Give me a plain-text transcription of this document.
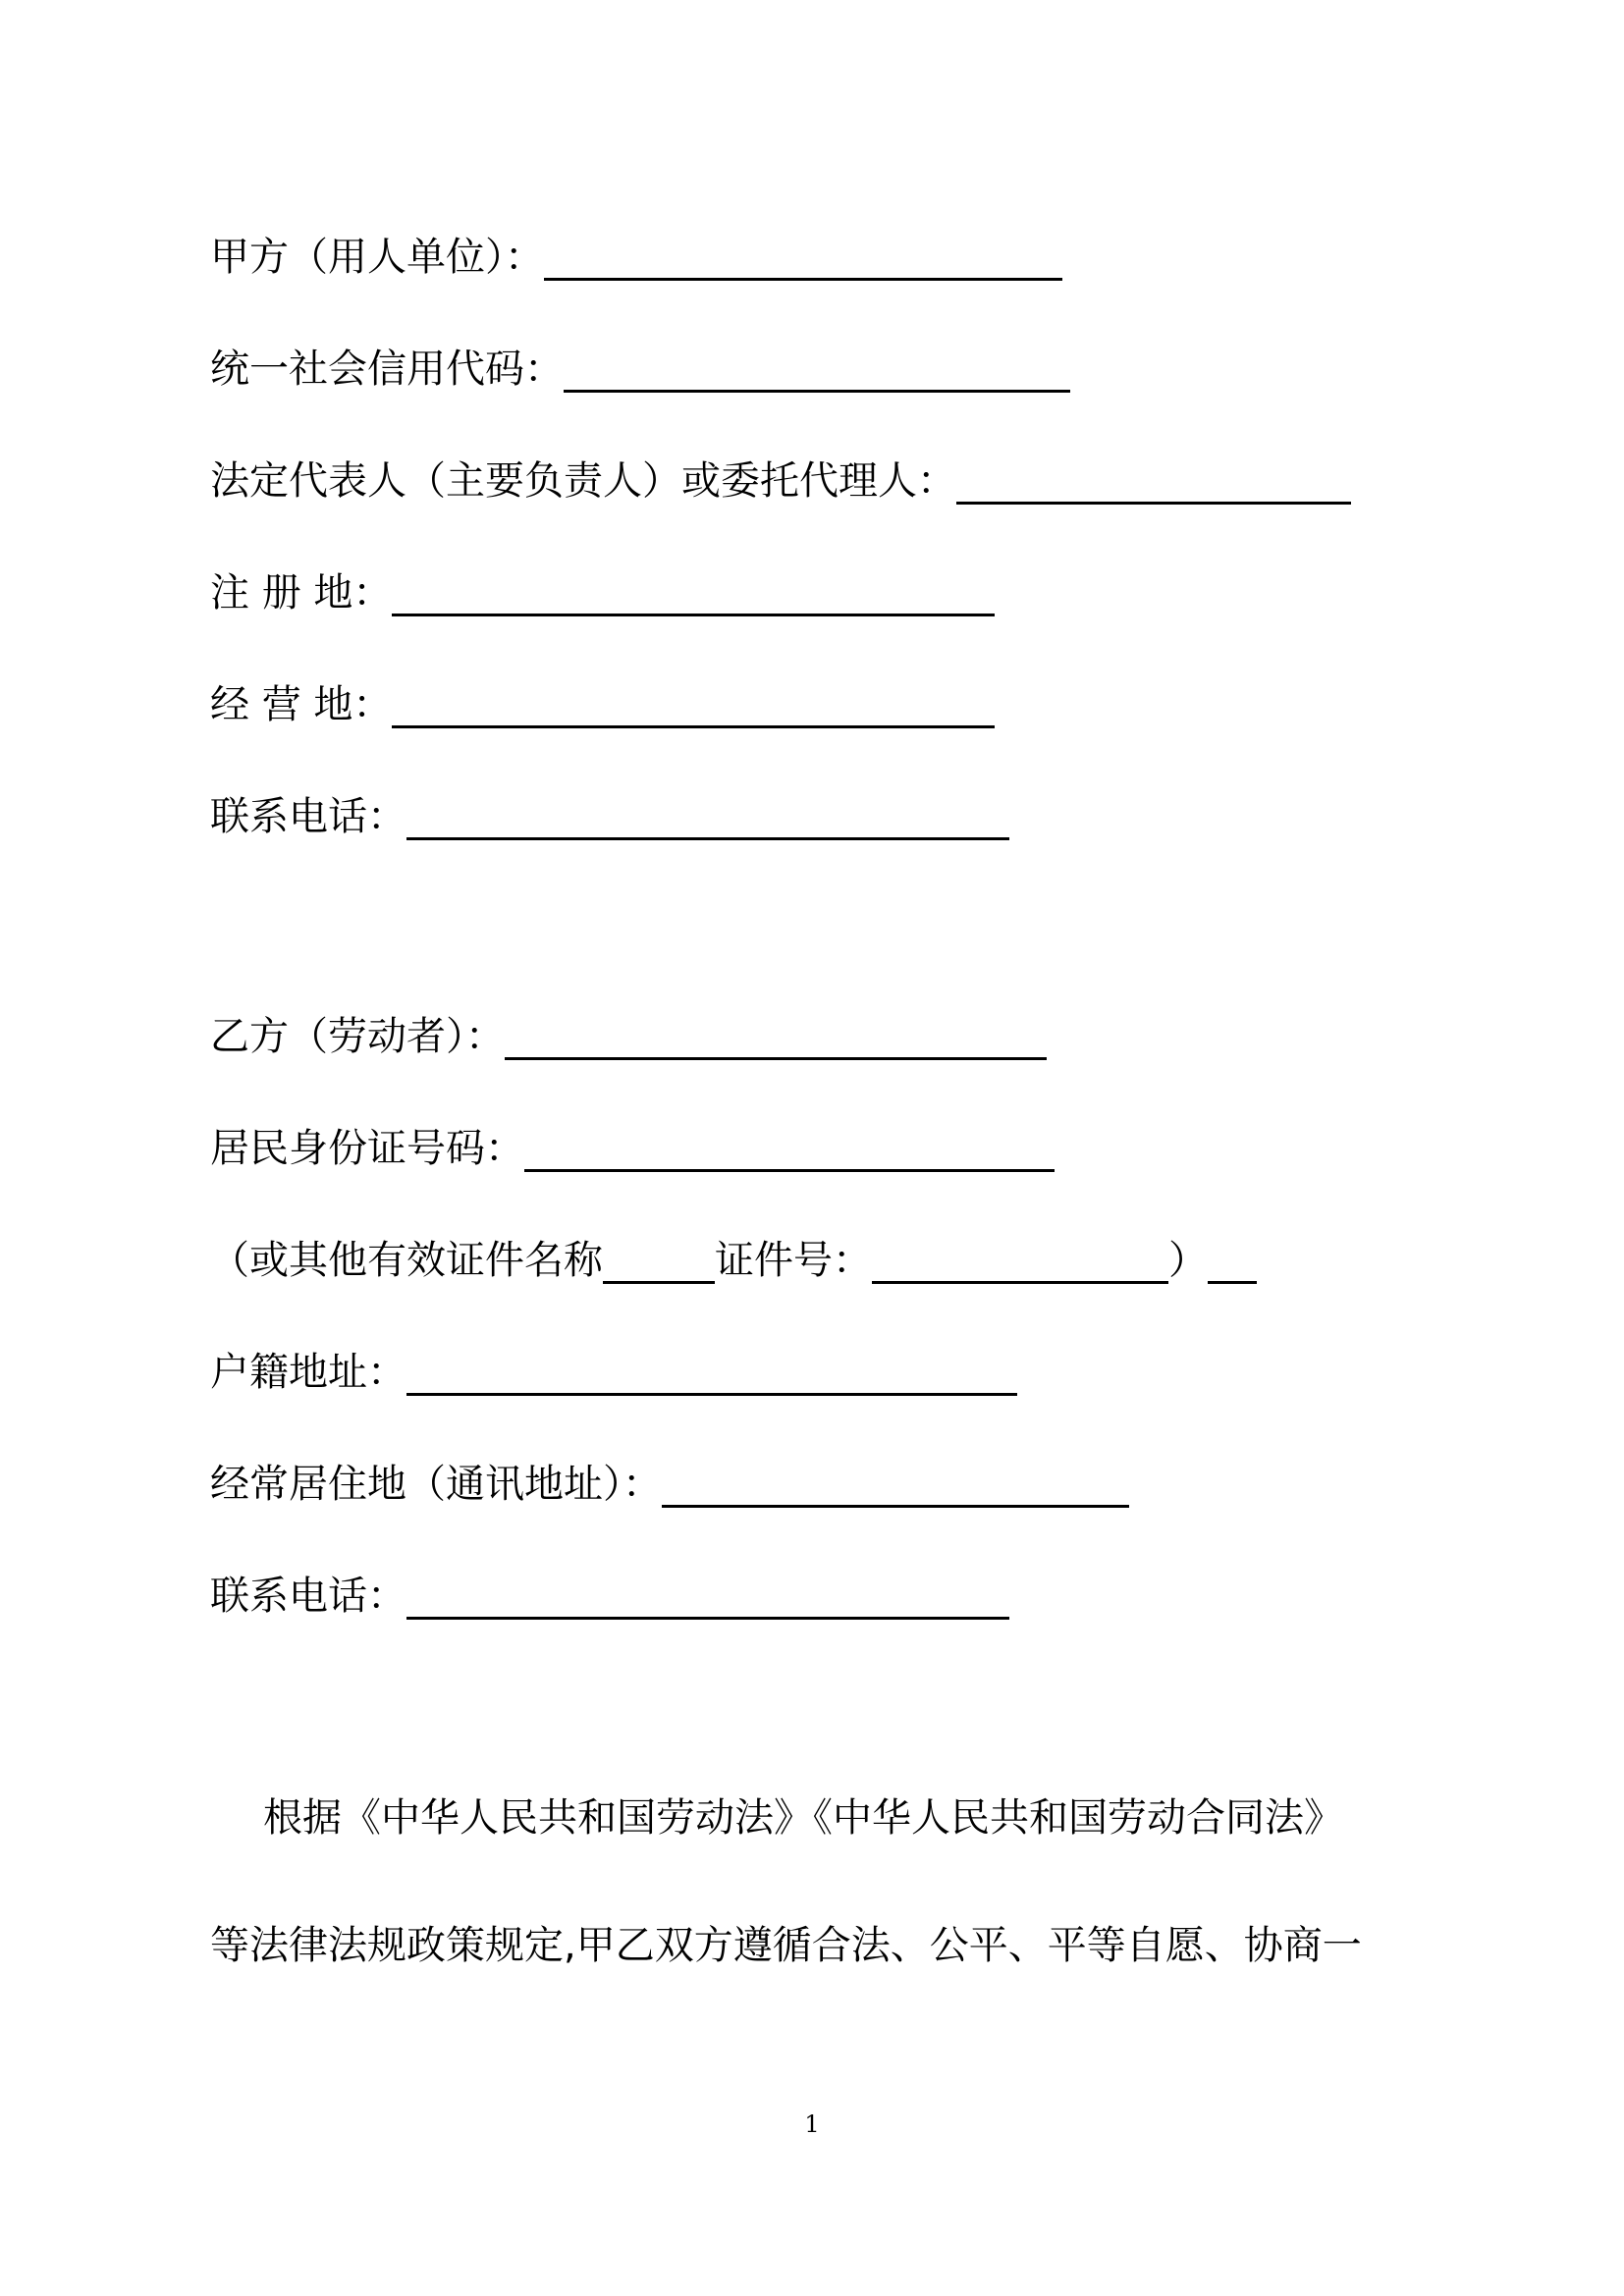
甲方（用人单位）：
统一社会信用代码：
法定代表人（主要负责人）或委托代理人：
注 册 地：
经 营 地：
联系电话：
乙方（劳动者）：
居民身份证号码：
（或其他有效证件名称	证件号：	）
户籍地址：
经常居住地（通讯地址）：
联系电话：
根据《中华人民共和国劳动法》《中华人民共和国劳动合同法》
等法律法规政策规定,甲乙双方遵循合法、公平、平等自愿、协商一
1
